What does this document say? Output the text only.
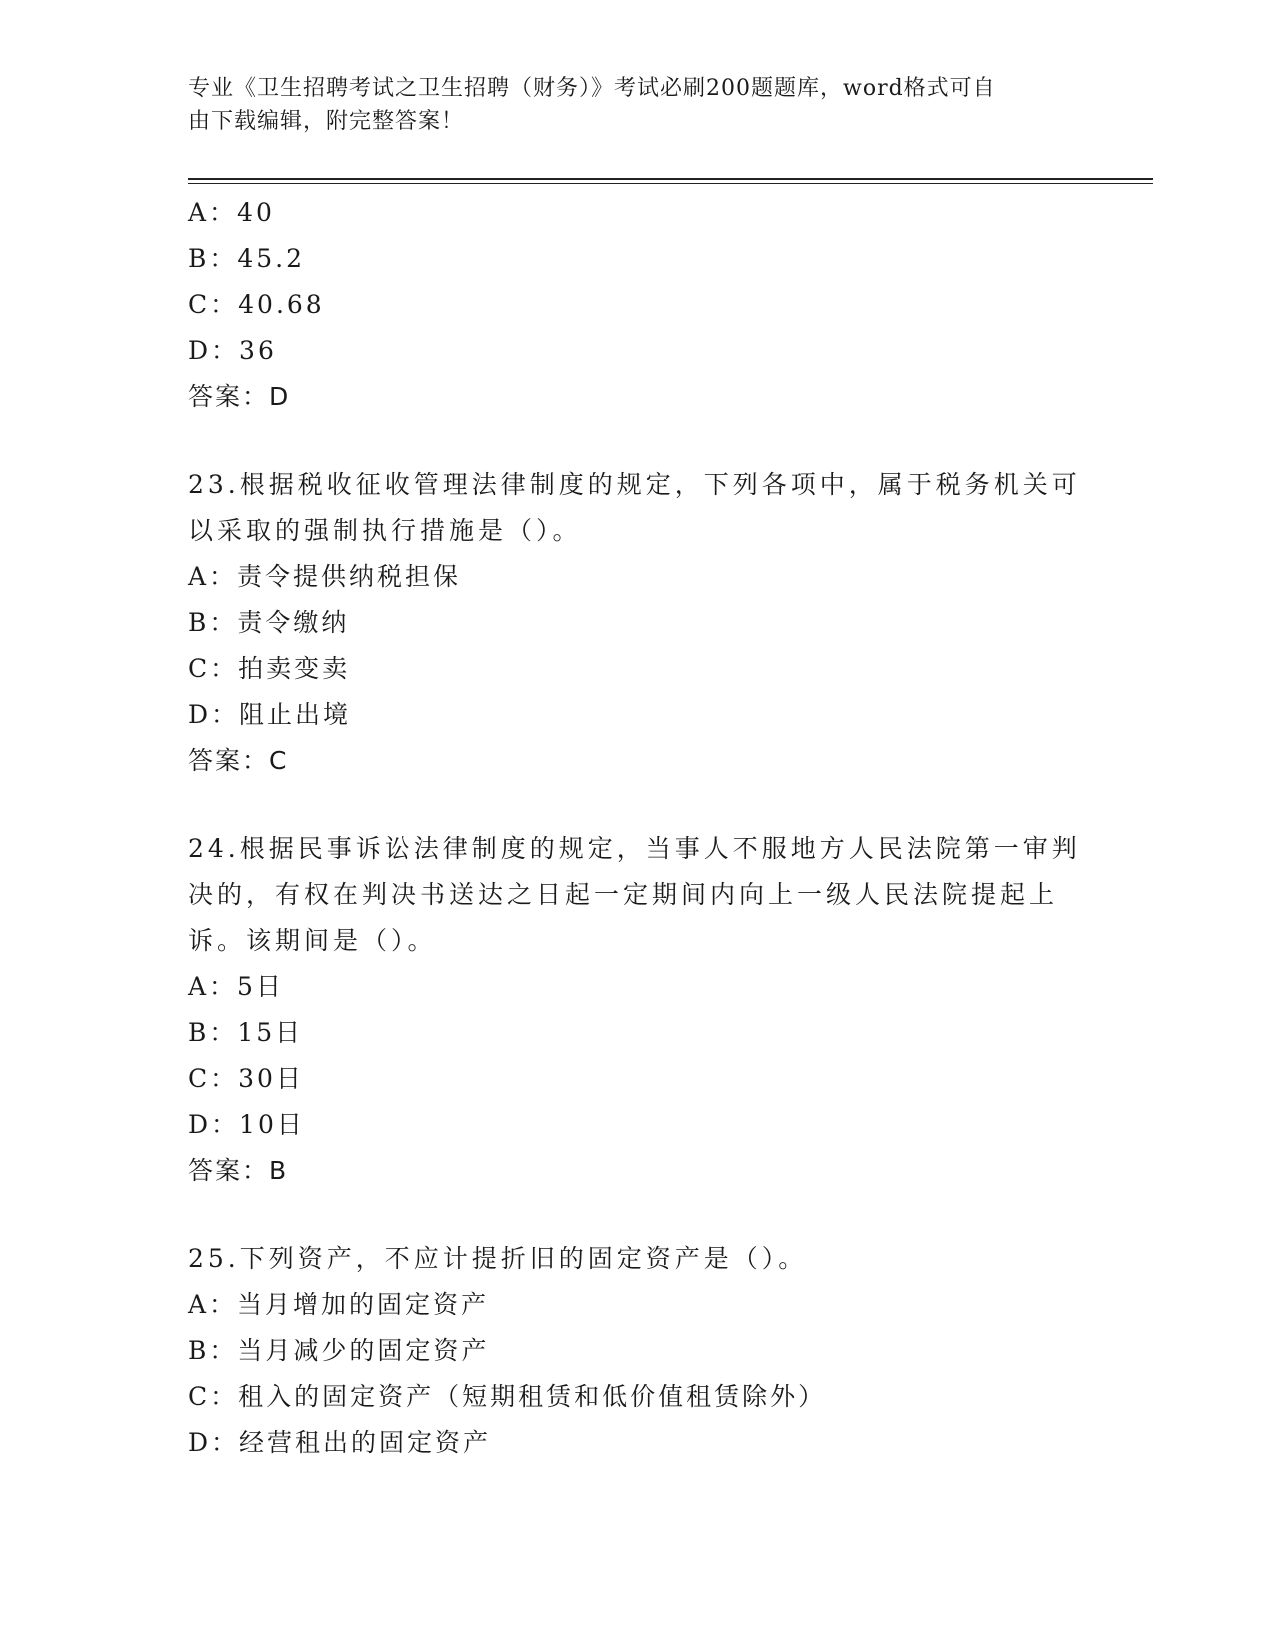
专业《卫生招聘考试之卫生招聘（财务）》考试必刷200题题库，word格式可自
由下载编辑，附完整答案！
A：40
B：45.2
C：40.68
D：36
答案：D
23.根据税收征收管理法律制度的规定，下列各项中，属于税务机关可
以采取的强制执行措施是（）。
A：责令提供纳税担保
B：责令缴纳
C：拍卖变卖
D：阻止出境
答案：C
24.根据民事诉讼法律制度的规定，当事人不服地方人民法院第一审判
决的，有权在判决书送达之日起一定期间内向上一级人民法院提起上
诉。该期间是（）。
A：5日
B：15日
C：30日
D：10日
答案：B
25.下列资产，不应计提折旧的固定资产是（）。
A：当月增加的固定资产
B：当月减少的固定资产
C：租入的固定资产（短期租赁和低价值租赁除外）
D：经营租出的固定资产
